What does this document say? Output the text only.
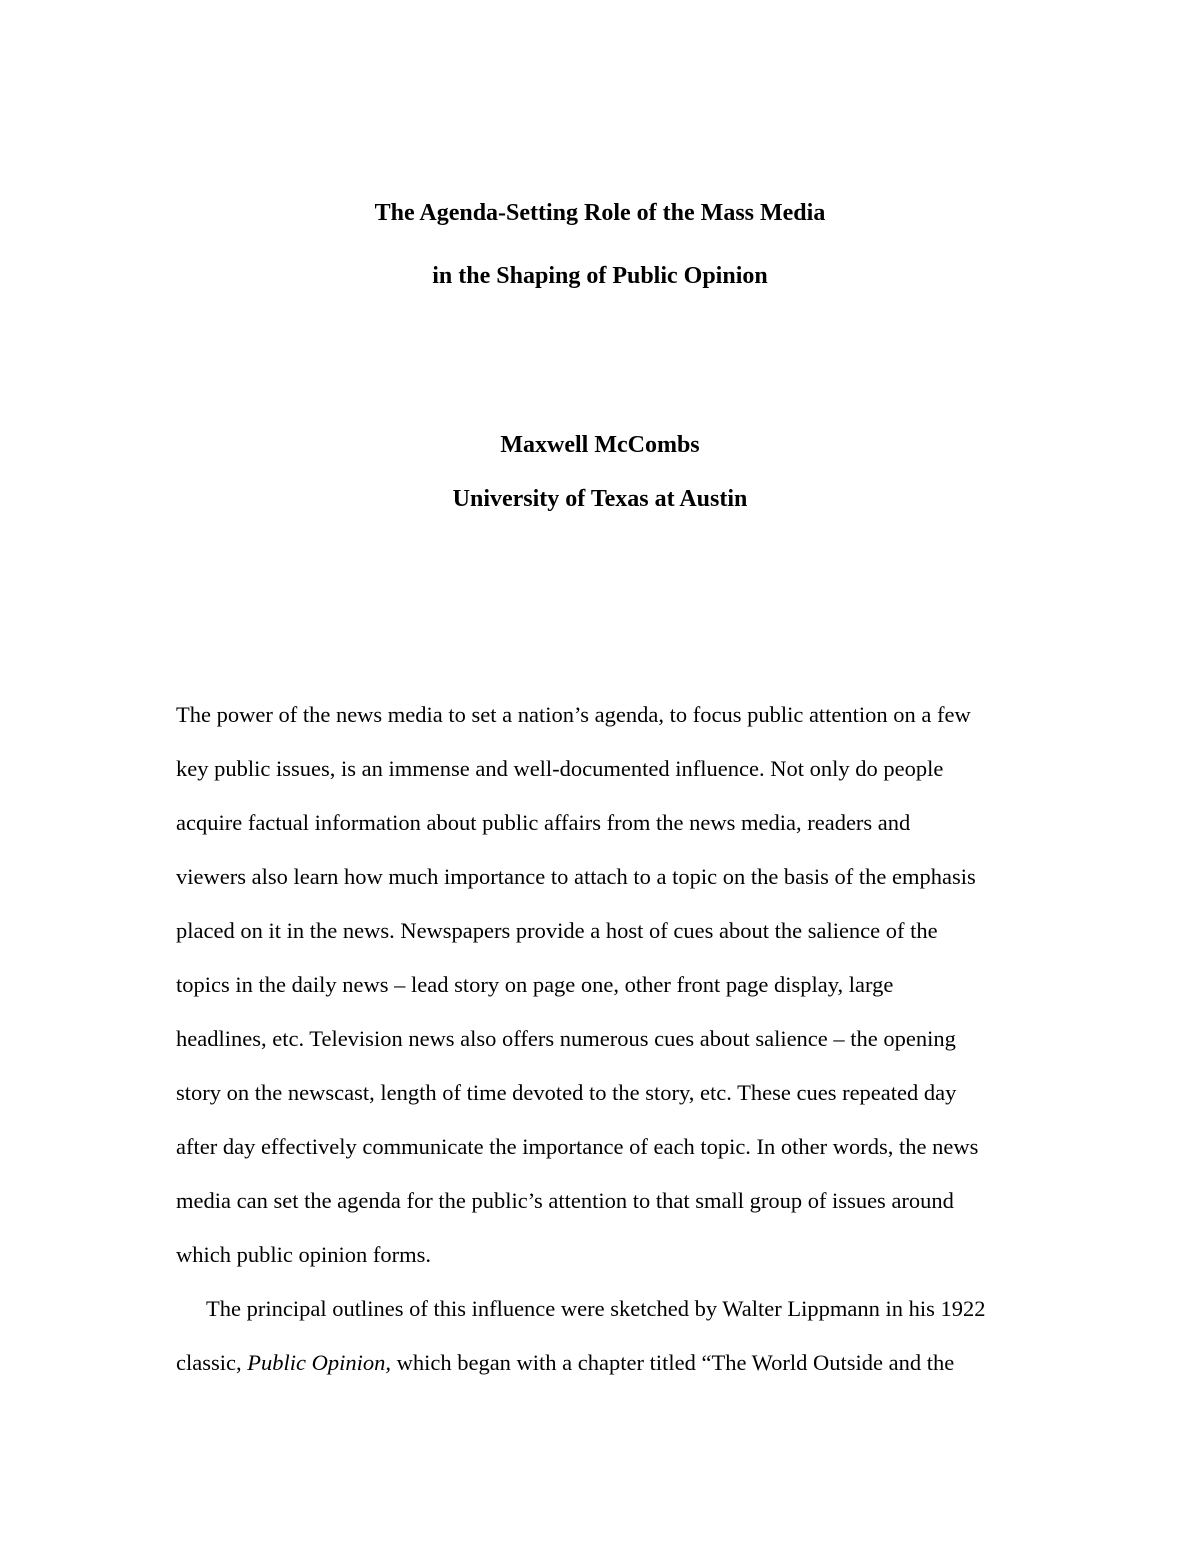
The Agenda-Setting Role of the Mass Media
in the Shaping of Public Opinion
Maxwell McCombs
University of Texas at Austin
The power of the news media to set a nation’s agenda, to focus public attention on a few
key public issues, is an immense and well-documented influence. Not only do people
acquire factual information about public affairs from the news media, readers and
viewers also learn how much importance to attach to a topic on the basis of the emphasis
placed on it in the news. Newspapers provide a host of cues about the salience of the
topics in the daily news – lead story on page one, other front page display, large
headlines, etc. Television news also offers numerous cues about salience – the opening
story on the newscast, length of time devoted to the story, etc. These cues repeated day
after day effectively communicate the importance of each topic. In other words, the news
media can set the agenda for the public’s attention to that small group of issues around
which public opinion forms.
The principal outlines of this influence were sketched by Walter Lippmann in his 1922
classic, Public Opinion, which began with a chapter titled “The World Outside and the
